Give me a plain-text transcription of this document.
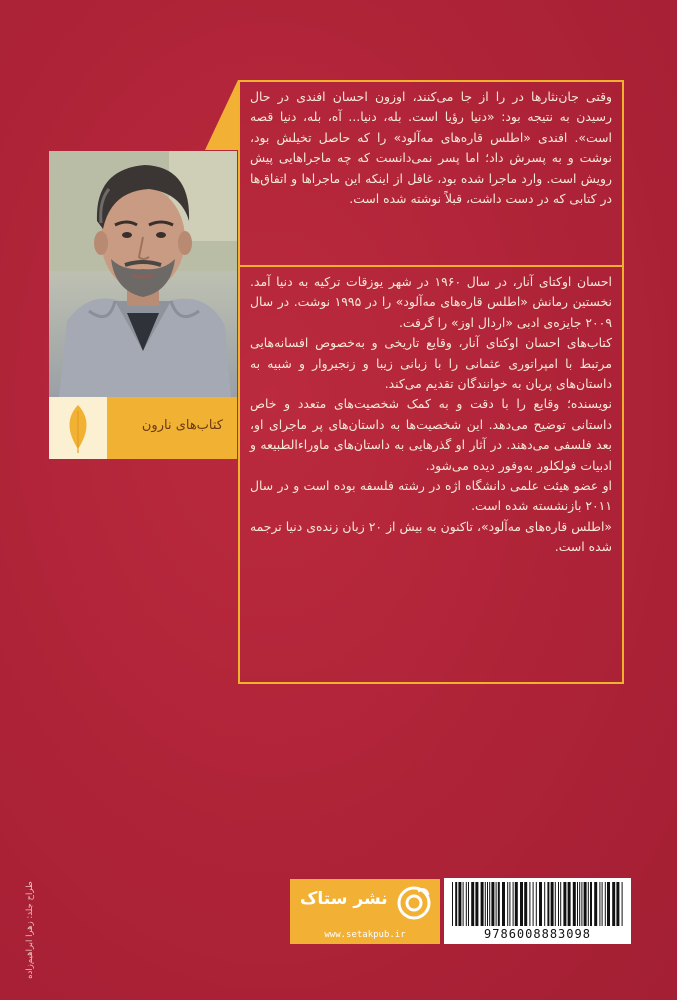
وقتی جان‌نثارها در را از جا می‌کنند، اوزون احسان افندی در حال رسیدن به نتیجه بود: «دنیا رؤیا است. بله، دنیا... آه، بله، دنیا قصه است». افندی «اطلس قاره‌های مه‌آلود» را که حاصل تخیلش بود، نوشت و به پسرش داد؛ اما پسر نمی‌دانست که چه ماجراهایی پیش رویش است. وارد ماجرا شده بود، غافل از اینکه این ماجراها و اتفاق‌ها در کتابی که در دست داشت، قبلاً نوشته شده است.

احسان اوکتای آنار، در سال ۱۹۶۰ در شهر یوزقات ترکیه به دنیا آمد. نخستین رمانش «اطلس قاره‌های مه‌آلود» را در ۱۹۹۵ نوشت. در سال ۲۰۰۹ جایزه‌ی ادبی «اردال اوز» را گرفت.

کتاب‌های احسان اوکتای آنار، وقایع تاریخی و به‌خصوص افسانه‌هایی مرتبط با امپراتوری عثمانی را با زبانی زیبا و زنجیروار و شبیه به داستان‌های پریان به خوانندگان تقدیم می‌کند.

نویسنده؛ وقایع را با دقت و به کمک شخصیت‌های متعدد و خاص داستانی توضیح می‌دهد. این شخصیت‌ها به داستان‌های پر ماجرای او، بعد فلسفی می‌دهند. در آثار او گذرهایی به داستان‌های ماوراءالطبیعه و ادبیات فولکلور به‌وفور دیده می‌شود.

او عضو هیئت علمی دانشگاه اژه در رشته فلسفه بوده است و در سال ۲۰۱۱ بازنشسته شده است.

«اطلس قاره‌های مه‌آلود»، تاکنون به بیش از ۲۰ زبان زنده‌ی دنیا ترجمه شده است.

کتاب‌های نارون
طراح جلد: زهرا ابراهیم‌زاده	نشر ستاک
www.setakpub.ir	9786008883098
